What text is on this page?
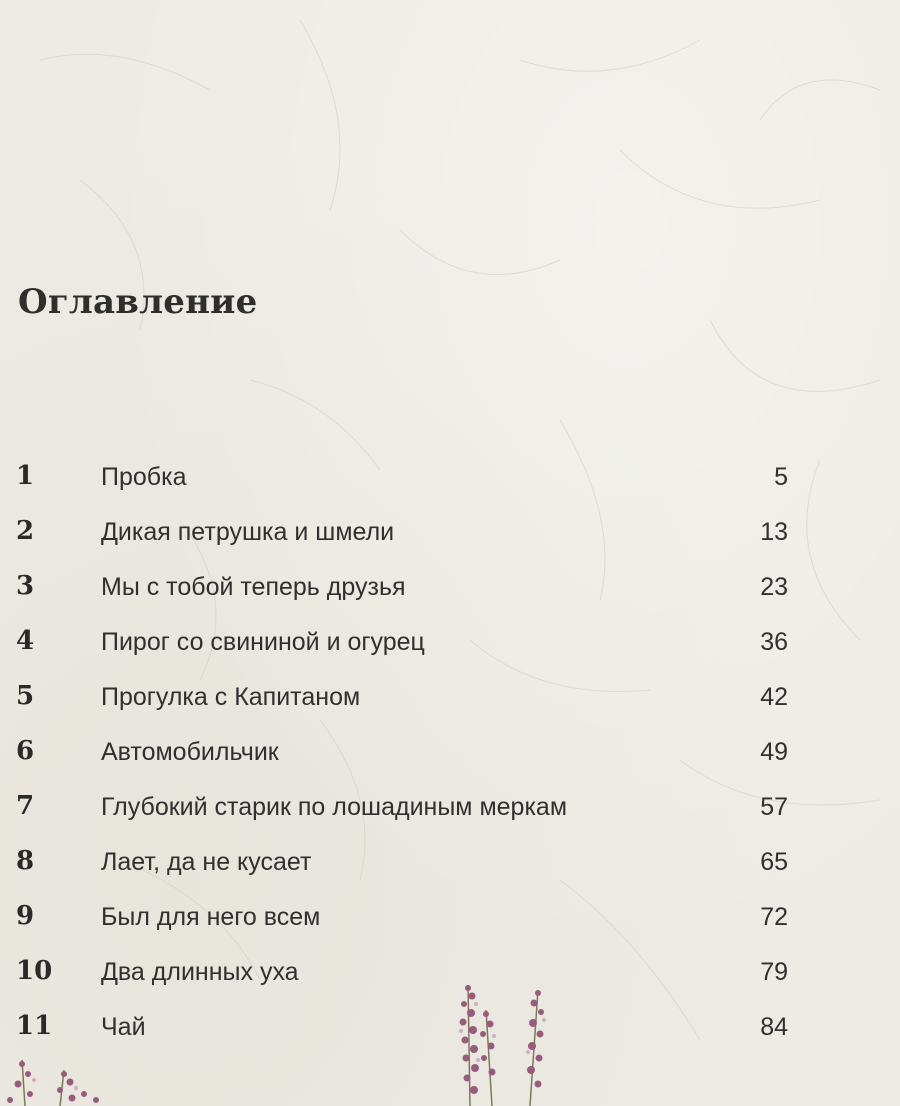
Оглавление
1	Пробка	5
2	Дикая петрушка и шмели	13
3	Мы с тобой теперь друзья	23
4	Пирог со свининой и огурец	36
5	Прогулка с Капитаном	42
6	Автомобильчик	49
7	Глубокий старик по лошадиным меркам	57
8	Лает, да не кусает	65
9	Был для него всем	72
10 Два длинных уха	79
11 Чай	84
